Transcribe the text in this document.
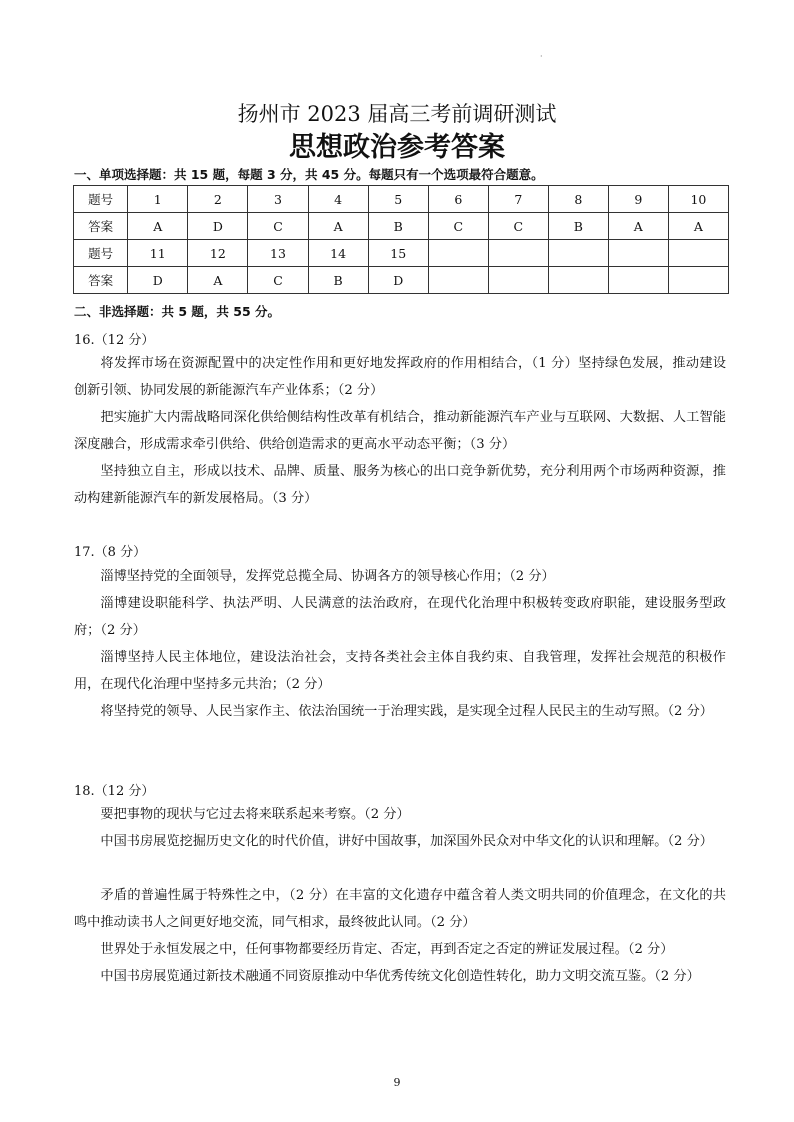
·
扬州市 2023 届高三考前调研测试
思想政治参考答案
一、单项选择题：共 15 题，每题 3 分，共 45 分。每题只有一个选项最符合题意。
题号	1	2	3	4	5	6	7	8	9	10
答案	A	D	C	A	B	C	C	B	A	A
题号	11	12	13	14	15					
答案	D	A	C	B	D					
二、非选择题：共 5 题，共 55 分。
16.（12 分）
将发挥市场在资源配置中的决定性作用和更好地发挥政府的作用相结合，（1 分）坚持绿色发展，推动建设创新引领、协同发展的新能源汽车产业体系；（2 分）
把实施扩大内需战略同深化供给侧结构性改革有机结合，推动新能源汽车产业与互联网、大数据、人工智能深度融合，形成需求牵引供给、供给创造需求的更高水平动态平衡；（3 分）
坚持独立自主，形成以技术、品牌、质量、服务为核心的出口竞争新优势，充分利用两个市场两种资源，推动构建新能源汽车的新发展格局。（3 分）
17.（8 分）
淄博坚持党的全面领导，发挥党总揽全局、协调各方的领导核心作用；（2 分）
淄博建设职能科学、执法严明、人民满意的法治政府，在现代化治理中积极转变政府职能，建设服务型政府；（2 分）
淄博坚持人民主体地位，建设法治社会，支持各类社会主体自我约束、自我管理，发挥社会规范的积极作用，在现代化治理中坚持多元共治；（2 分）
将坚持党的领导、人民当家作主、依法治国统一于治理实践，是实现全过程人民民主的生动写照。（2 分）
18.（12 分）
要把事物的现状与它过去将来联系起来考察。（2 分）
中国书房展览挖掘历史文化的时代价值，讲好中国故事，加深国外民众对中华文化的认识和理解。（2 分）
矛盾的普遍性属于特殊性之中，（2 分）在丰富的文化遗存中蕴含着人类文明共同的价值理念，在文化的共鸣中推动读书人之间更好地交流，同气相求，最终彼此认同。（2 分）
世界处于永恒发展之中，任何事物都要经历肯定、否定，再到否定之否定的辨证发展过程。（2 分）
中国书房展览通过新技术融通不同资原推动中华优秀传统文化创造性转化，助力文明交流互鉴。（2 分）
9
